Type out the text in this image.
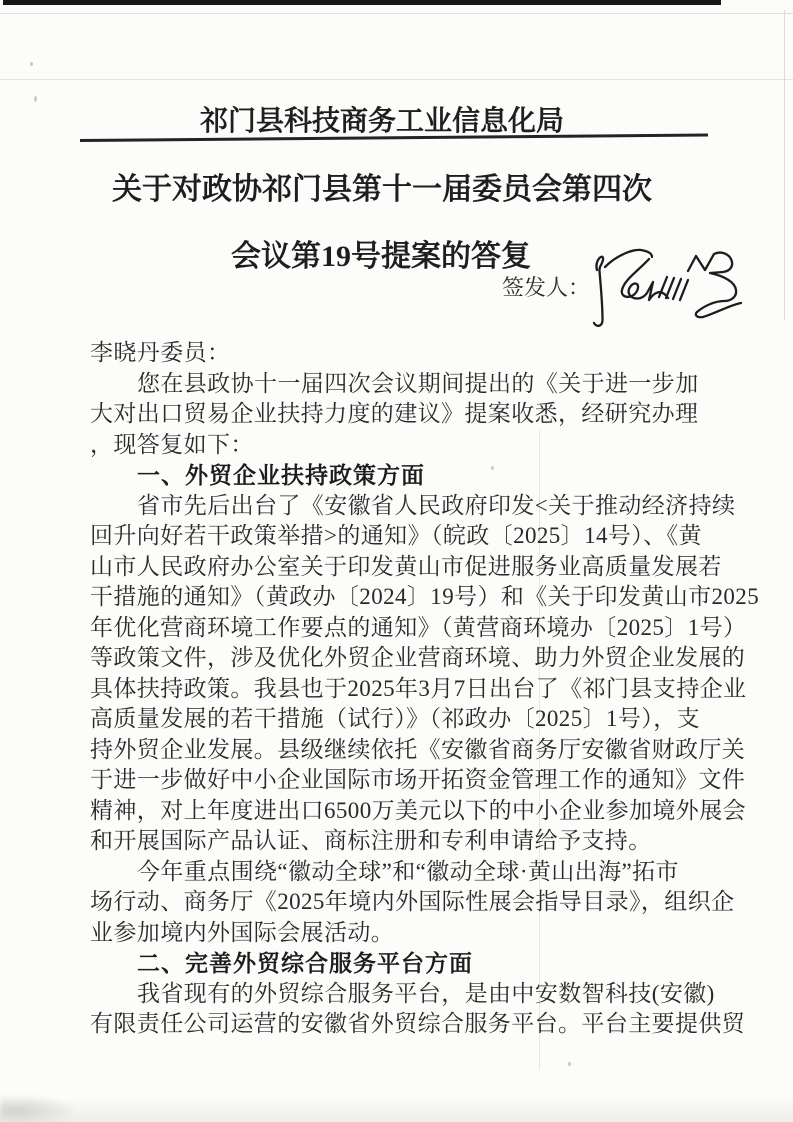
祁门县科技商务工业信息化局
关于对政协祁门县第十一届委员会第四次
会议第19号提案的答复
签发人：
李晓丹委员：
您在县政协十一届四次会议期间提出的《关于进一步加
大对出口贸易企业扶持力度的建议》提案收悉，经研究办理
，现答复如下：
一、外贸企业扶持政策方面
省市先后出台了《安徽省人民政府印发<关于推动经济持续
回升向好若干政策举措>的通知》（皖政〔2025〕14号）、《黄
山市人民政府办公室关于印发黄山市促进服务业高质量发展若
干措施的通知》（黄政办〔2024〕19号）和《关于印发黄山市2025
年优化营商环境工作要点的通知》（黄营商环境办〔2025〕1号）
等政策文件，涉及优化外贸企业营商环境、助力外贸企业发展的
具体扶持政策。我县也于2025年3月7日出台了《祁门县支持企业
高质量发展的若干措施（试行）》（祁政办〔2025〕1号），支
持外贸企业发展。县级继续依托《安徽省商务厅安徽省财政厅关
于进一步做好中小企业国际市场开拓资金管理工作的通知》文件
精神，对上年度进出口6500万美元以下的中小企业参加境外展会
和开展国际产品认证、商标注册和专利申请给予支持。
今年重点围绕“徽动全球”和“徽动全球·黄山出海”拓市
场行动、商务厅《2025年境内外国际性展会指导目录》，组织企
业参加境内外国际会展活动。
二、完善外贸综合服务平台方面
我省现有的外贸综合服务平台，是由中安数智科技(安徽)
有限责任公司运营的安徽省外贸综合服务平台。平台主要提供贸
